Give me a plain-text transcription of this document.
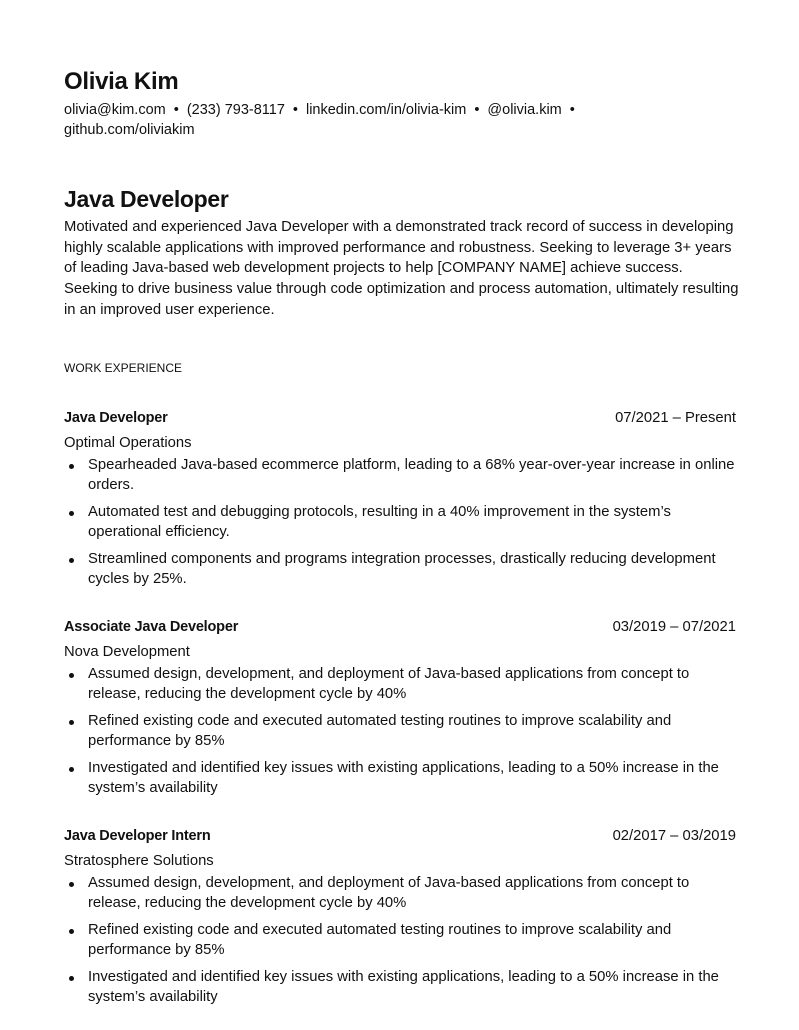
Olivia Kim
olivia@kim.com • (233) 793-8117 • linkedin.com/in/olivia-kim • @olivia.kim •
github.com/oliviakim
Java Developer

Motivated and experienced Java Developer with a demonstrated track record of success in developing highly scalable applications with improved performance and robustness. Seeking to leverage 3+ years of leading Java-based web development projects to help [COMPANY NAME] achieve success. Seeking to drive business value through code optimization and process automation, ultimately resulting in an improved user experience.

WORK EXPERIENCE
Java Developer	07/2021 – Present
Optimal Operations
Spearheaded Java-based ecommerce platform, leading to a 68% year-over-year increase in online orders.
Automated test and debugging protocols, resulting in a 40% improvement in the system’s operational efficiency.
Streamlined components and programs integration processes, drastically reducing development cycles by 25%.
Associate Java Developer	03/2019 – 07/2021
Nova Development
Assumed design, development, and deployment of Java-based applications from concept to release, reducing the development cycle by 40%
Refined existing code and executed automated testing routines to improve scalability and performance by 85%
Investigated and identified key issues with existing applications, leading to a 50% increase in the system’s availability
Java Developer Intern	02/2017 – 03/2019
Stratosphere Solutions
Assumed design, development, and deployment of Java-based applications from concept to release, reducing the development cycle by 40%
Refined existing code and executed automated testing routines to improve scalability and performance by 85%
Investigated and identified key issues with existing applications, leading to a 50% increase in the system’s availability
